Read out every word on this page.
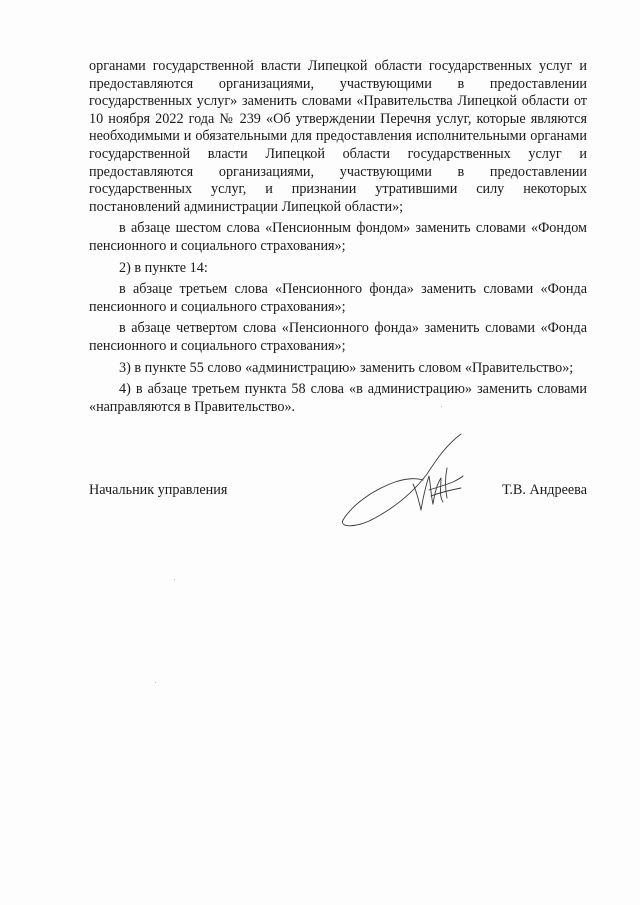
органами государственной власти Липецкой области государственных услуг и предоставляются организациями, участвующими в предоставлении государственных услуг» заменить словами «Правительства Липецкой области от 10 ноября 2022 года № 239 «Об утверждении Перечня услуг, которые являются необходимыми и обязательными для предоставления исполнительными органами государственной власти Липецкой области государственных услуг и предоставляются организациями, участвующими в предоставлении государственных услуг, и признании утратившими силу некоторых постановлений администрации Липецкой области»;

в абзаце шестом слова «Пенсионным фондом» заменить словами «Фондом пенсионного и социального страхования»;

2) в пункте 14:

в абзаце третьем слова «Пенсионного фонда» заменить словами «Фонда пенсионного и социального страхования»;

в абзаце четвертом слова «Пенсионного фонда» заменить словами «Фонда пенсионного и социального страхования»;

3) в пункте 55 слово «администрацию» заменить словом «Правительство»;

4) в абзаце третьем пункта 58 слова «в администрацию» заменить словами «направляются в Правительство».

Начальник управления	Т.В. Андреева
